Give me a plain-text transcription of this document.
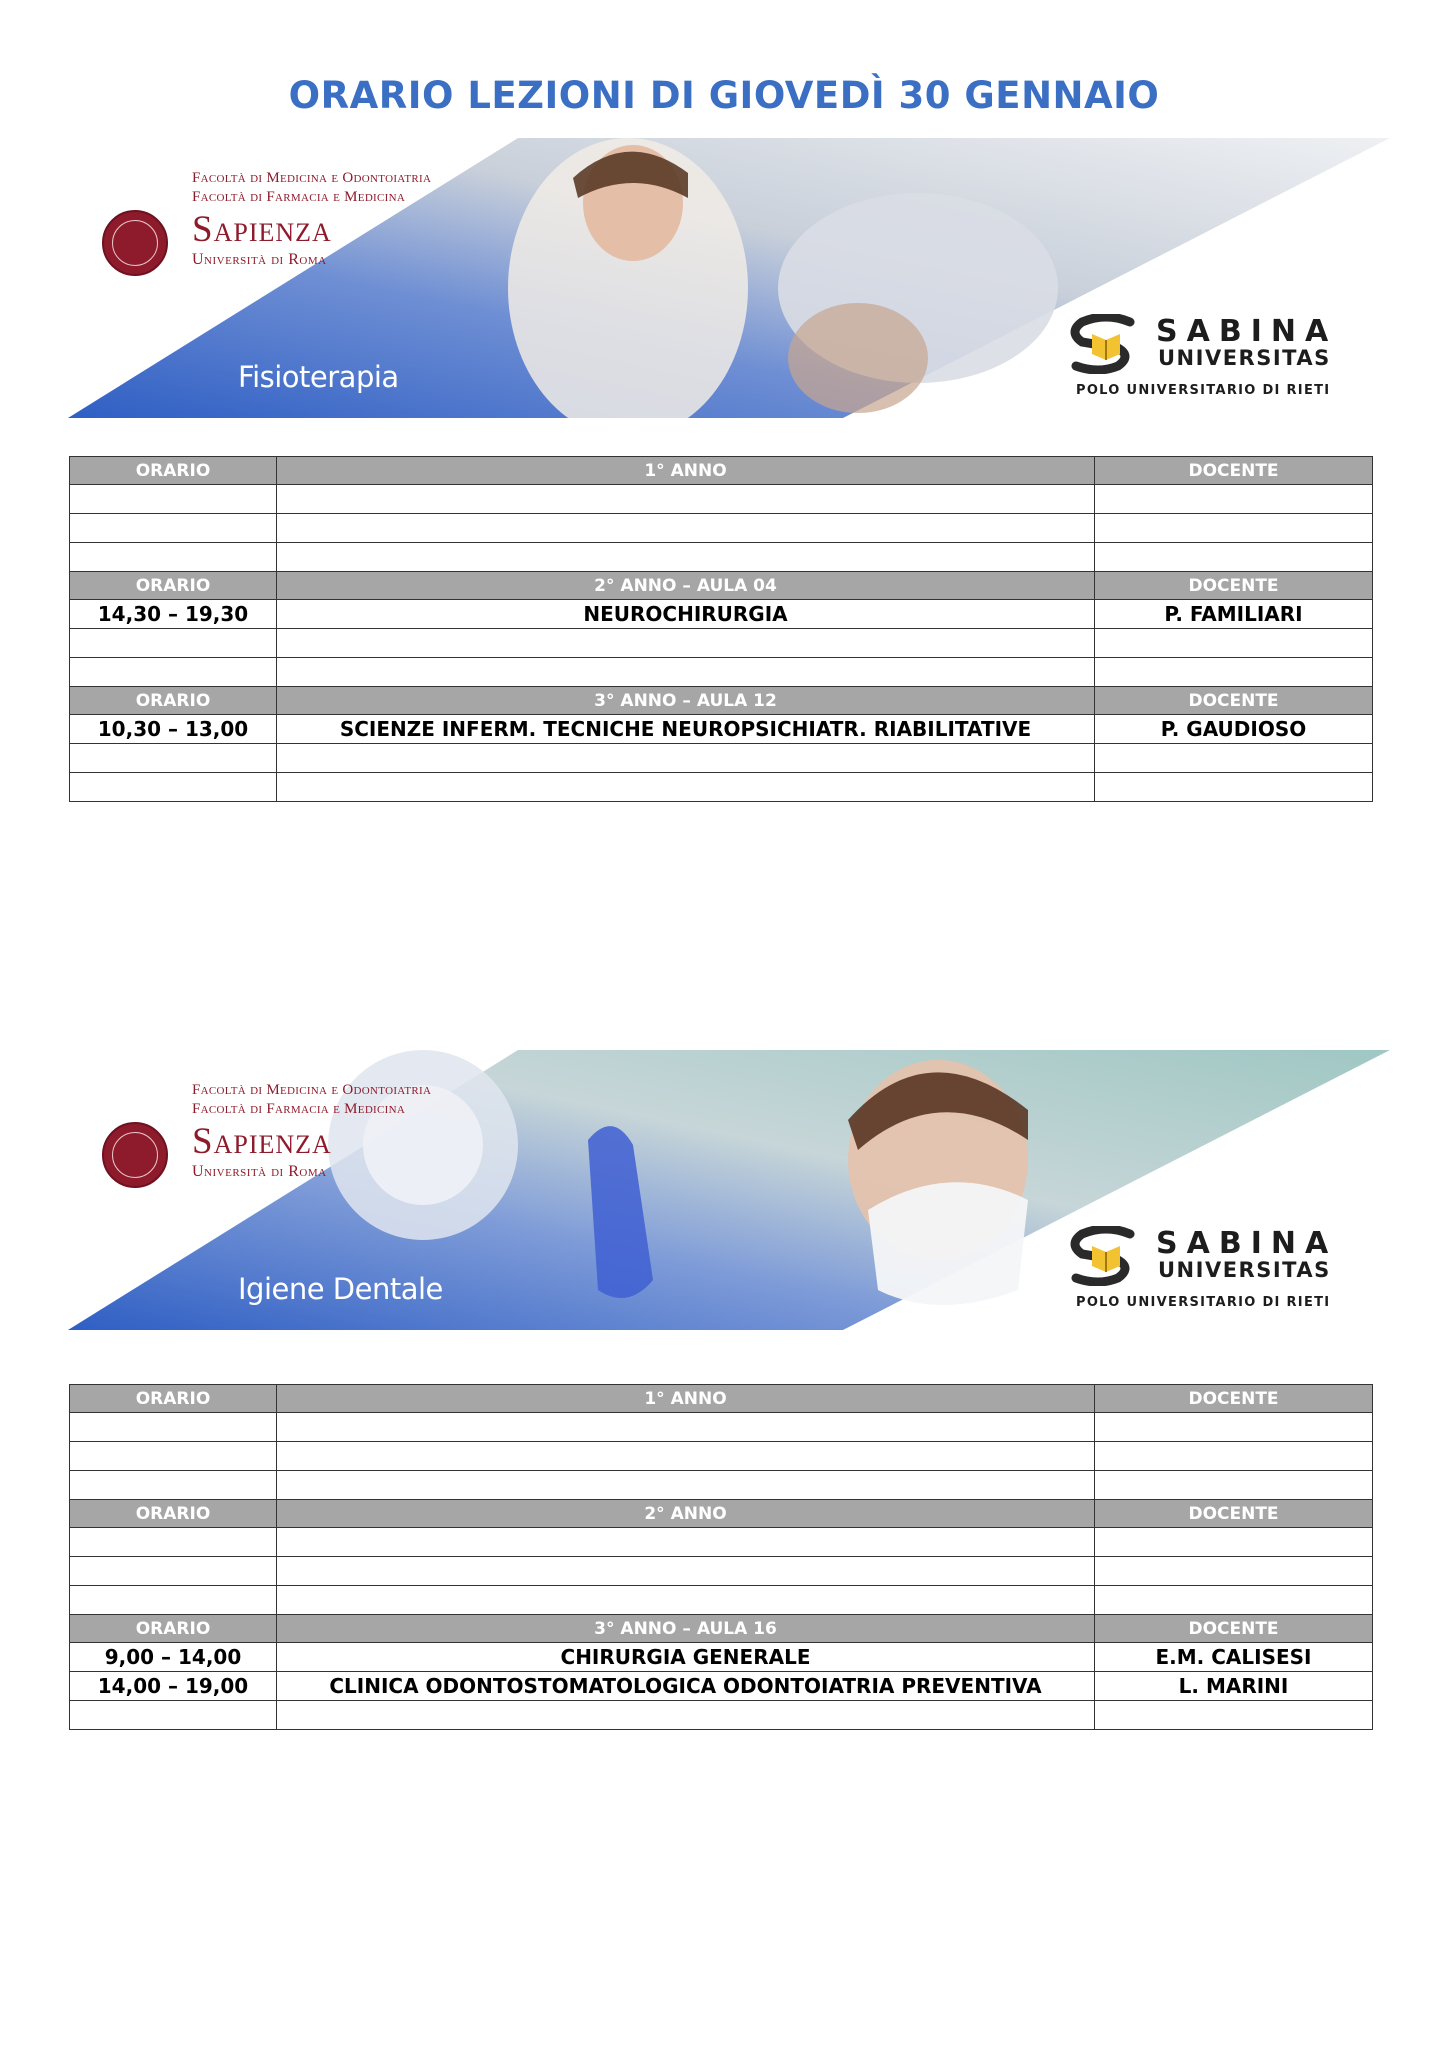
ORARIO LEZIONI DI GIOVEDÌ 30 GENNAIO
Facoltà di Medicina e Odontoiatria
Facoltà di Farmacia e Medicina
Sapienza
Università di Roma
Fisioterapia
SABINA
UNIVERSITAS
POLO UNIVERSITARIO DI RIETI
ORARIO	1° ANNO	DOCENTE

ORARIO	2° ANNO – AULA 04	DOCENTE
14,30 – 19,30	NEUROCHIRURGIA	P. FAMILIARI

ORARIO	3° ANNO – AULA 12	DOCENTE
10,30 – 13,00	SCIENZE INFERM. TECNICHE NEUROPSICHIATR. RIABILITATIVE	P. GAUDIOSO

Facoltà di Medicina e Odontoiatria
Facoltà di Farmacia e Medicina
Sapienza
Università di Roma
Igiene Dentale
SABINA
UNIVERSITAS
POLO UNIVERSITARIO DI RIETI
ORARIO	1° ANNO	DOCENTE

ORARIO	2° ANNO	DOCENTE

ORARIO	3° ANNO – AULA 16	DOCENTE
9,00 – 14,00	CHIRURGIA GENERALE	E.M. CALISESI
14,00 – 19,00	CLINICA ODONTOSTOMATOLOGICA ODONTOIATRIA PREVENTIVA	L. MARINI
